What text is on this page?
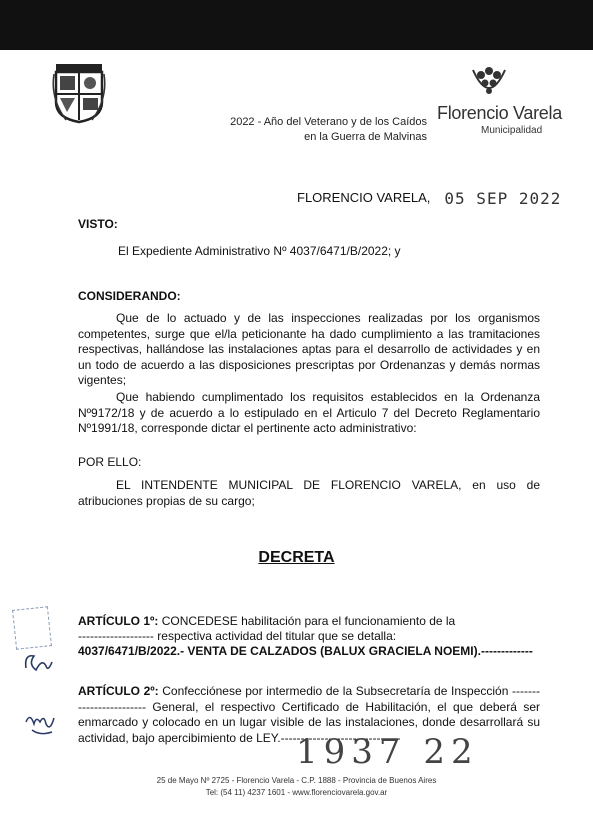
2022 - Año del Veterano y de los Caídos
en la Guerra de Malvinas
Florencio Varela
Municipalidad
FLORENCIO VARELA, 05 SEP 2022
VISTO:
El Expediente Administrativo Nº 4037/6471/B/2022; y
CONSIDERANDO:
Que de lo actuado y de las inspecciones realizadas por los organismos competentes, surge que el/la peticionante ha dado cumplimiento a las tramitaciones respectivas, hallándose las instalaciones aptas para el desarrollo de actividades y en un todo de acuerdo a las disposiciones prescriptas por Ordenanzas y demás normas vigentes;
Que habiendo cumplimentado los requisitos establecidos en la Ordenanza Nº9172/18 y de acuerdo a lo estipulado en el Articulo 7 del Decreto Reglamentario Nº1991/18, corresponde dictar el pertinente acto administrativo:
POR ELLO:
EL INTENDENTE MUNICIPAL DE FLORENCIO VARELA, en uso de atribuciones propias de su cargo;
DECRETA
ARTÍCULO 1º: CONCEDESE habilitación para el funcionamiento de la
------------------- respectiva actividad del titular que se detalla:
4037/6471/B/2022.- VENTA DE CALZADOS (BALUX GRACIELA NOEMI).-------------
ARTÍCULO 2º: Confecciónese por intermedio de la Subsecretaría de Inspección ------------------------ General, el respectivo Certificado de Habilitación, el que deberá ser enmarcado y colocado en un lugar visible de las instalaciones, donde desarrollará su actividad, bajo apercibimiento de LEY.------------------------------
1937 22
25 de Mayo Nº 2725 - Florencio Varela - C.P. 1888 - Provincia de Buenos Aires
Tel: (54 11) 4237 1601 - www.florenciovarela.gov.ar
